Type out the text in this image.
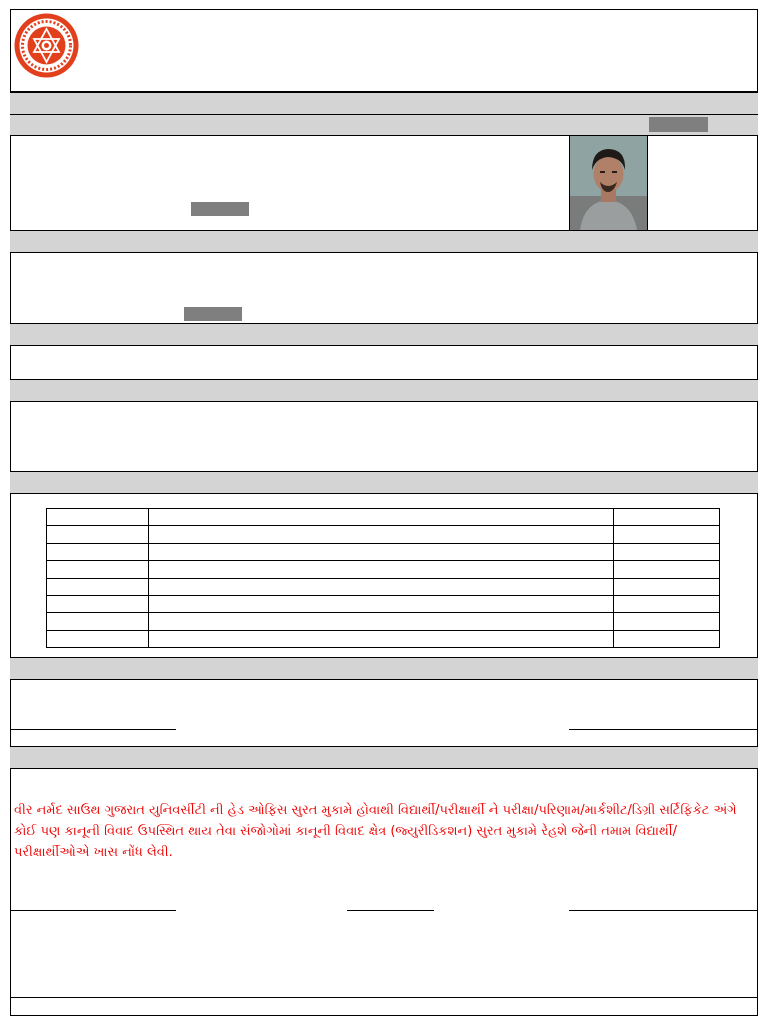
વીર નર્મદ સાઉથ ગુજરાત યુનિવર્સીટી ની હેડ ઓફિસ સુરત મુકામે હોવાથી વિદ્યાર્થી/પરીક્ષાર્થી ને પરીક્ષા/પરિણામ/માર્કશીટ/ડિગ્રી સર્ટિફિકેટ અંગે કોઈ પણ કાનૂની વિવાદ ઉપસ્થિત થાય તેવા સંજોગોમાં કાનૂની વિવાદ ક્ષેત્ર (જ્યુરીડિકશન) સુરત મુકામે રેહશે જેની તમામ વિદ્યાર્થી/પરીક્ષાર્થીઓએ ખાસ નોંધ લેવી.
